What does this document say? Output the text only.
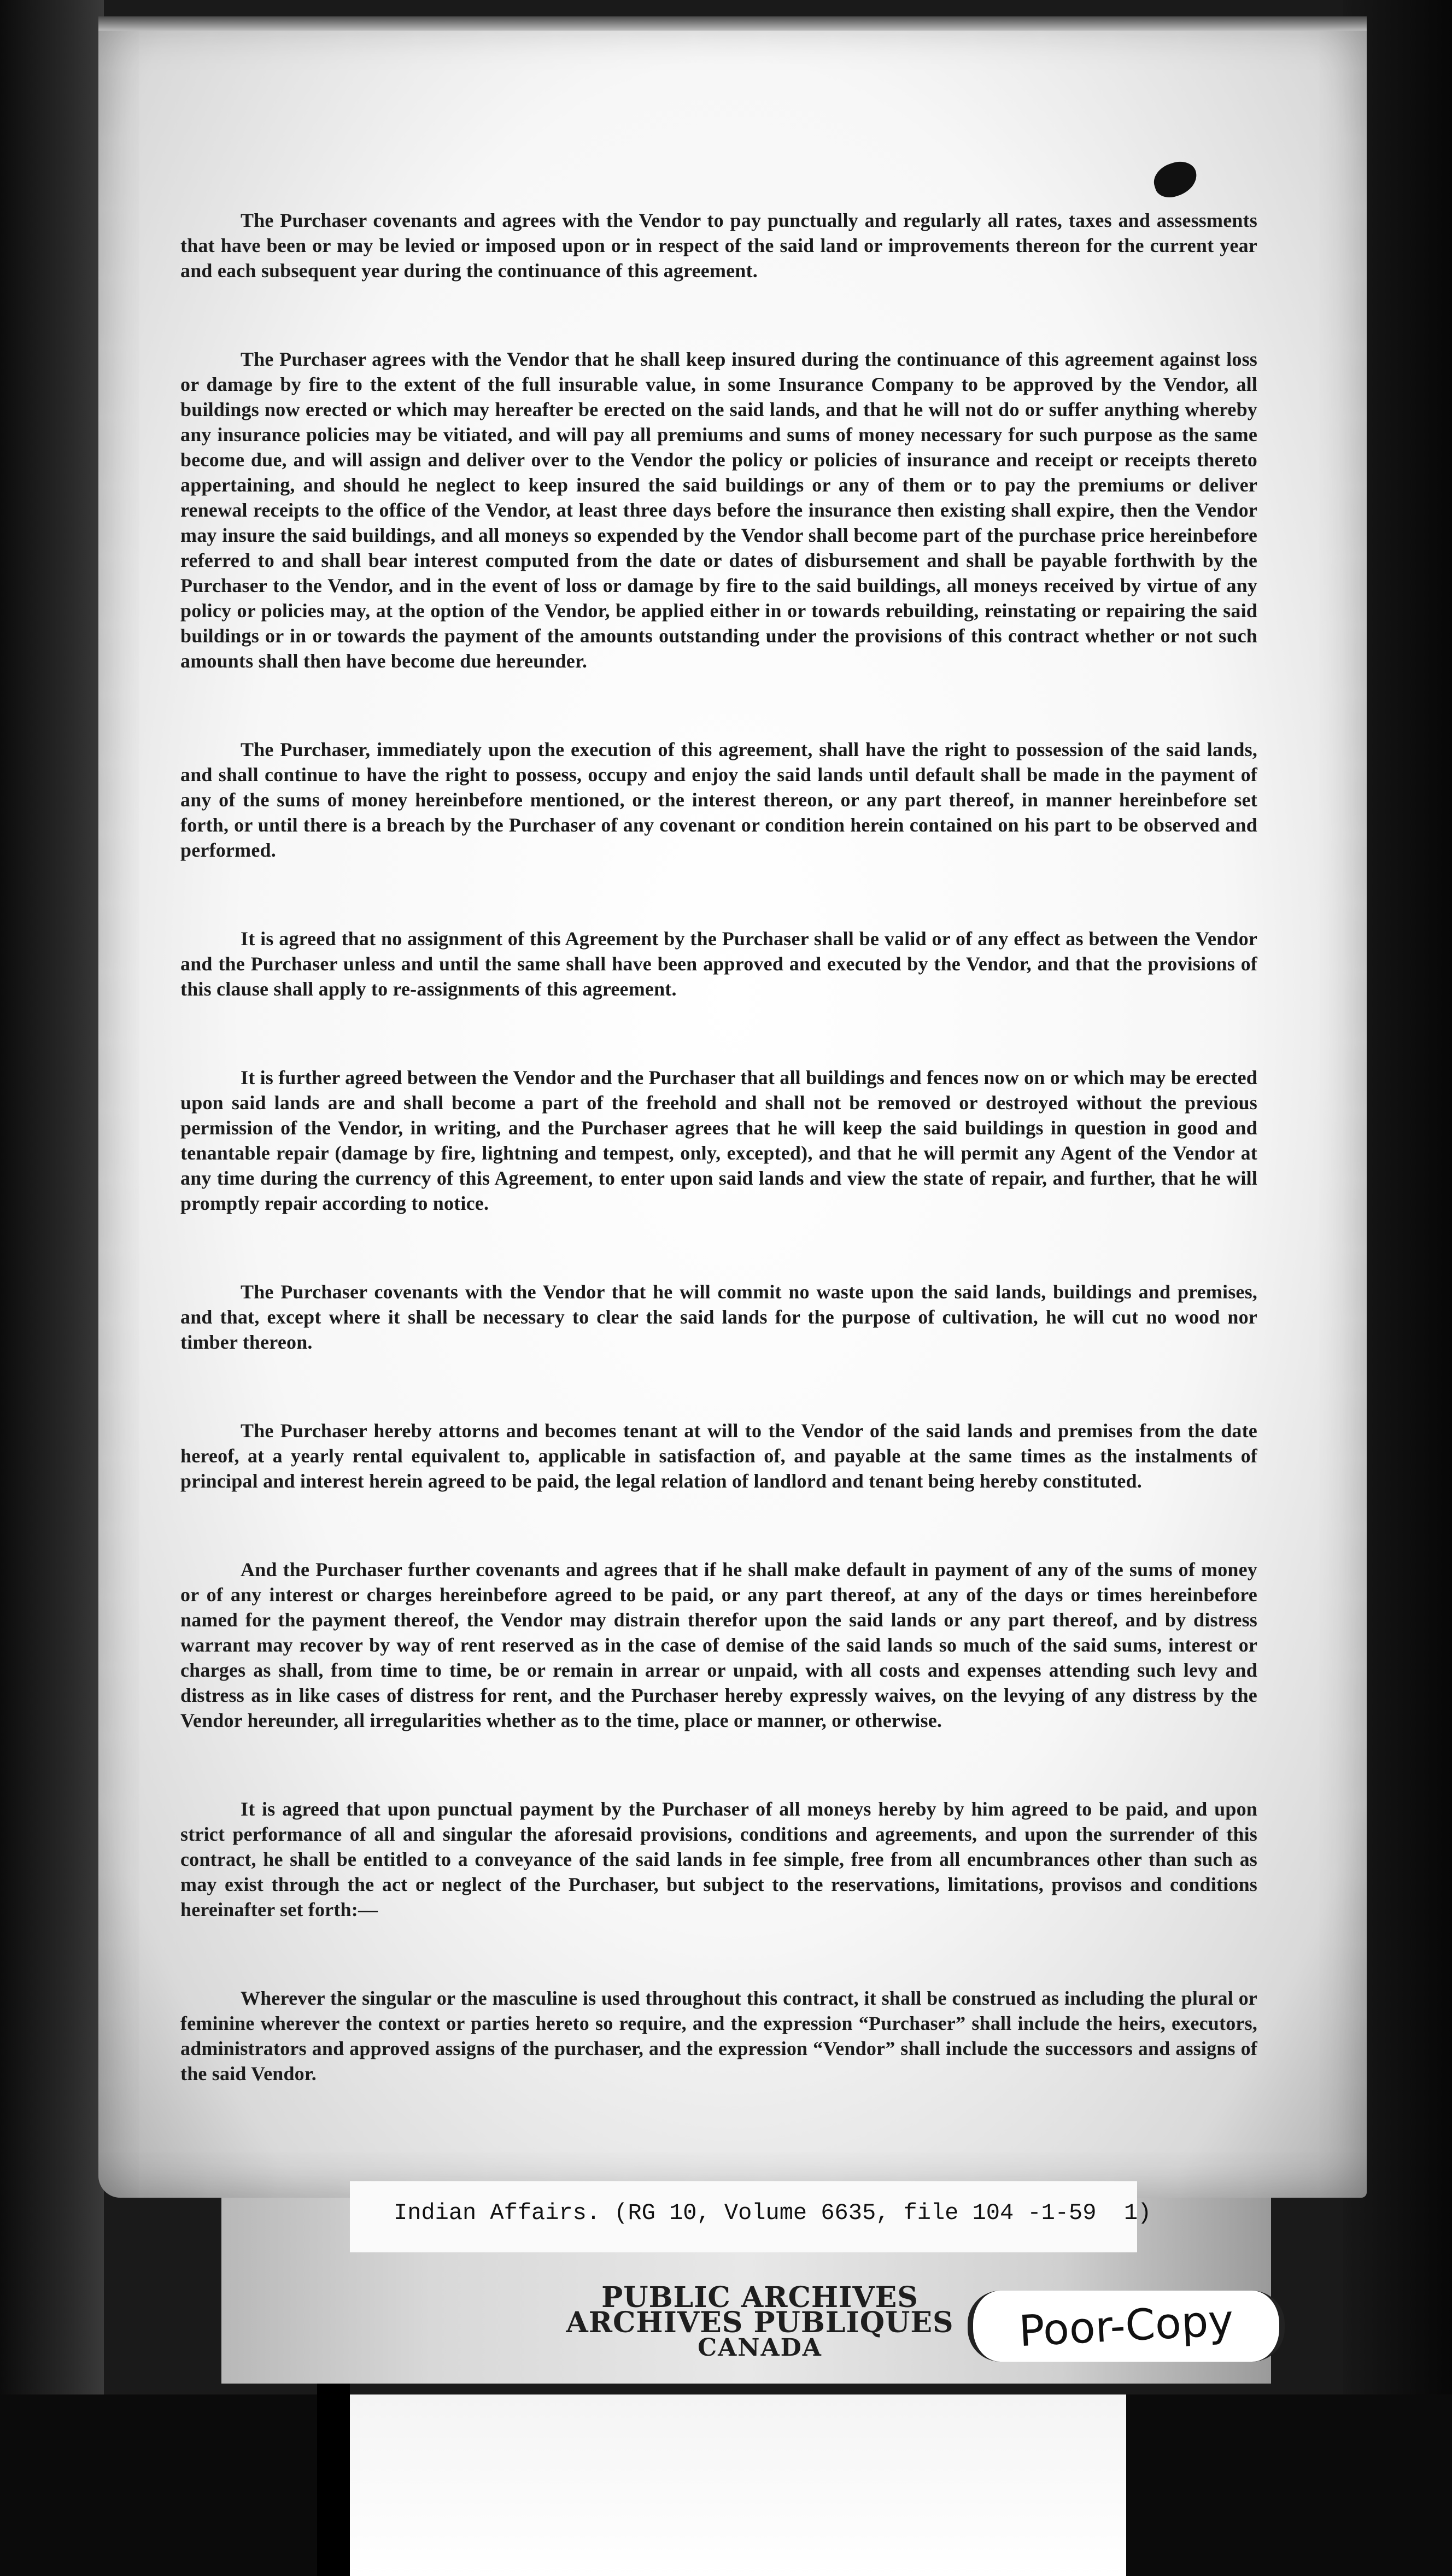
The Purchaser covenants and agrees with the Vendor to pay punctually and regularly all rates, taxes and assessments that have been or may be levied or imposed upon or in respect of the said land or improvements thereon for the current year and each subsequent year during the continuance of this agreement.

The Purchaser agrees with the Vendor that he shall keep insured during the continuance of this agreement against loss or damage by fire to the extent of the full insurable value, in some Insurance Company to be approved by the Vendor, all buildings now erected or which may hereafter be erected on the said lands, and that he will not do or suffer anything whereby any insurance policies may be vitiated, and will pay all premiums and sums of money necessary for such purpose as the same become due, and will assign and deliver over to the Vendor the policy or policies of insurance and receipt or receipts thereto appertaining, and should he neglect to keep insured the said buildings or any of them or to pay the premiums or deliver renewal receipts to the office of the Vendor, at least three days before the insurance then existing shall expire, then the Vendor may insure the said buildings, and all moneys so expended by the Vendor shall become part of the purchase price hereinbefore referred to and shall bear interest computed from the date or dates of disbursement and shall be payable forthwith by the Purchaser to the Vendor, and in the event of loss or damage by fire to the said buildings, all moneys received by virtue of any policy or policies may, at the option of the Vendor, be applied either in or towards rebuilding, reinstating or repairing the said buildings or in or towards the payment of the amounts outstanding under the provisions of this contract whether or not such amounts shall then have become due hereunder.

The Purchaser, immediately upon the execution of this agreement, shall have the right to possession of the said lands, and shall continue to have the right to possess, occupy and enjoy the said lands until default shall be made in the payment of any of the sums of money hereinbefore mentioned, or the interest thereon, or any part thereof, in manner hereinbefore set forth, or until there is a breach by the Purchaser of any covenant or condition herein contained on his part to be observed and performed.

It is agreed that no assignment of this Agreement by the Purchaser shall be valid or of any effect as between the Vendor and the Purchaser unless and until the same shall have been approved and executed by the Vendor, and that the provisions of this clause shall apply to re-assignments of this agreement.

It is further agreed between the Vendor and the Purchaser that all buildings and fences now on or which may be erected upon said lands are and shall become a part of the freehold and shall not be removed or destroyed without the previous permission of the Vendor, in writing, and the Purchaser agrees that he will keep the said buildings in question in good and tenantable repair (damage by fire, lightning and tempest, only, excepted), and that he will permit any Agent of the Vendor at any time during the currency of this Agreement, to enter upon said lands and view the state of repair, and further, that he will promptly repair according to notice.

The Purchaser covenants with the Vendor that he will commit no waste upon the said lands, buildings and premises, and that, except where it shall be necessary to clear the said lands for the purpose of cultivation, he will cut no wood nor timber thereon.

The Purchaser hereby attorns and becomes tenant at will to the Vendor of the said lands and premises from the date hereof, at a yearly rental equivalent to, applicable in satisfaction of, and payable at the same times as the instalments of principal and interest herein agreed to be paid, the legal relation of landlord and tenant being hereby constituted.

And the Purchaser further covenants and agrees that if he shall make default in payment of any of the sums of money or of any interest or charges hereinbefore agreed to be paid, or any part thereof, at any of the days or times hereinbefore named for the payment thereof, the Vendor may distrain therefor upon the said lands or any part thereof, and by distress warrant may recover by way of rent reserved as in the case of demise of the said lands so much of the said sums, interest or charges as shall, from time to time, be or remain in arrear or unpaid, with all costs and expenses attending such levy and distress as in like cases of distress for rent, and the Purchaser hereby expressly waives, on the levying of any distress by the Vendor hereunder, all irregularities whether as to the time, place or manner, or otherwise.

It is agreed that upon punctual payment by the Purchaser of all moneys hereby by him agreed to be paid, and upon strict performance of all and singular the aforesaid provisions, conditions and agreements, and upon the surrender of this contract, he shall be entitled to a conveyance of the said lands in fee simple, free from all encumbrances other than such as may exist through the act or neglect of the Purchaser, but subject to the reservations, limitations, provisos and conditions hereinafter set forth:—

Wherever the singular or the masculine is used throughout this contract, it shall be construed as including the plural or feminine wherever the context or parties hereto so require, and the expression “Purchaser” shall include the heirs, executors, administrators and approved assigns of the purchaser, and the expression “Vendor” shall include the successors and assigns of the said Vendor.

Indian Affairs. (RG 10, Volume 6635, file 104 -1-59  1)
PUBLIC ARCHIVES
ARCHIVES PUBLIQUES
CANADA	Poor-Copy
